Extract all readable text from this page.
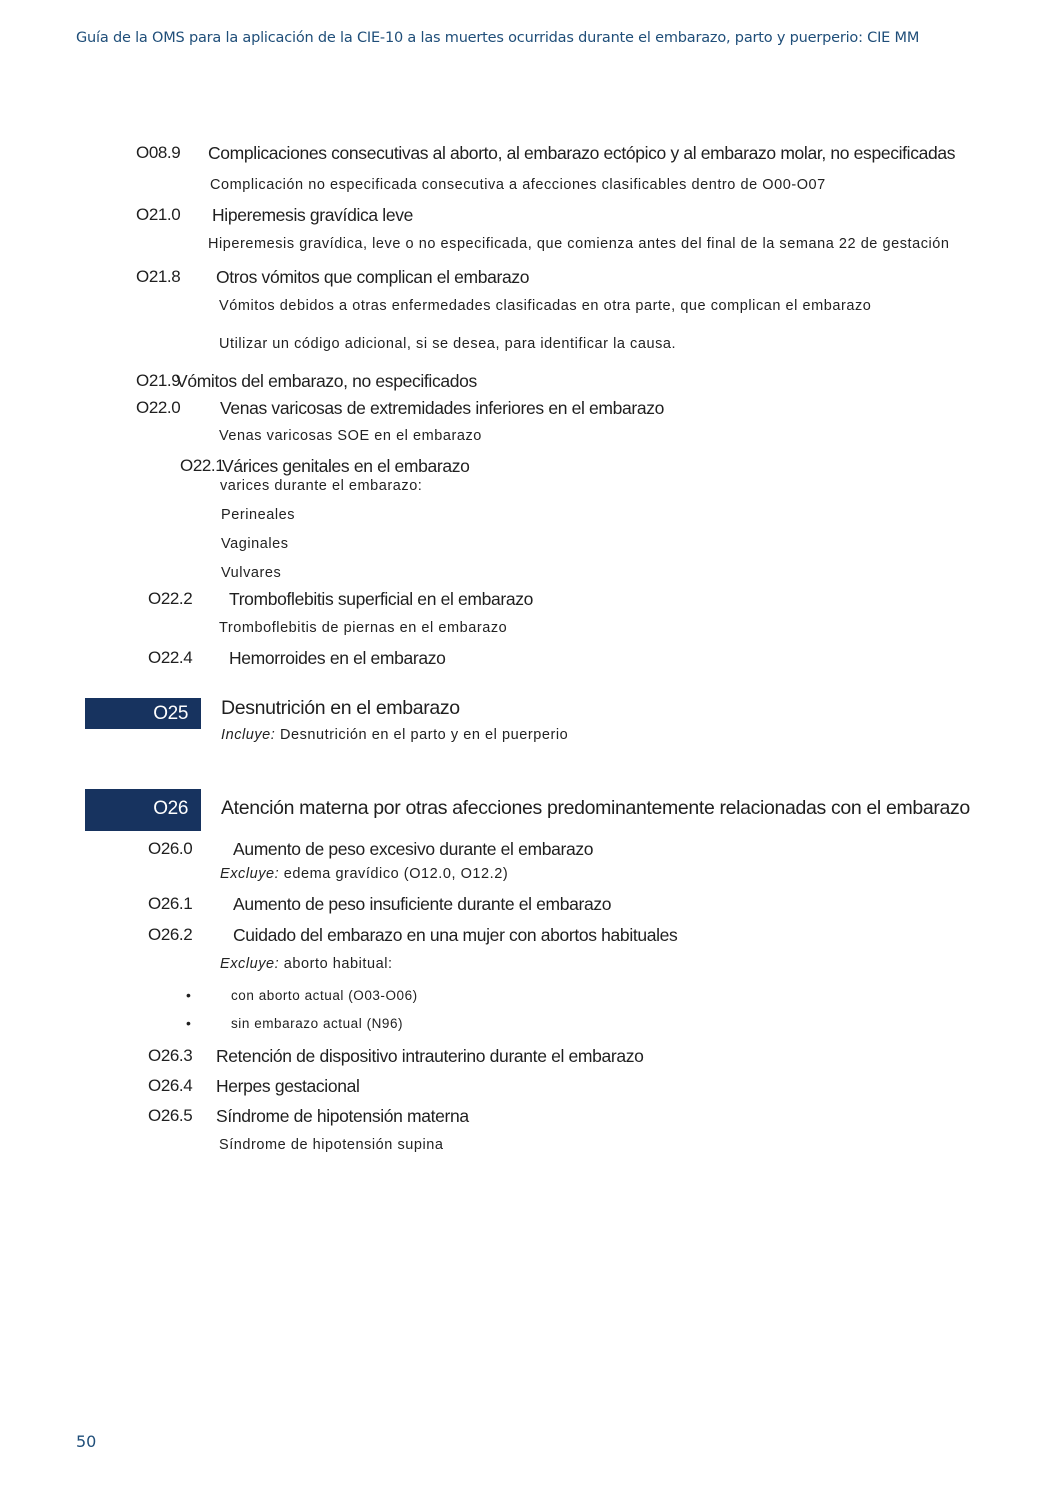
Guía de la OMS para la aplicación de la CIE-10 a las muertes ocurridas durante el embarazo, parto y puerperio: CIE MM
O08.9 Complicaciones consecutivas al aborto, al embarazo ectópico y al embarazo molar, no especificadas
Complicación no especificada consecutiva a afecciones clasificables dentro de O00-O07
O21.0 Hiperemesis gravídica leve
Hiperemesis gravídica, leve o no especificada, que comienza antes del final de la semana 22 de gestación
O21.8 Otros vómitos que complican el embarazo
Vómitos debidos a otras enfermedades clasificadas en otra parte, que complican el embarazo
Utilizar un código adicional, si se desea, para identificar la causa.
O21.9
Vómitos del embarazo, no especificados
O22.0 Venas varicosas de extremidades inferiores en el embarazo
Venas varicosas SOE en el embarazo
O22.1
Várices genitales en el embarazo
varices durante el embarazo:
Perineales
Vaginales
Vulvares
O22.2 Tromboflebitis superficial en el embarazo
Tromboflebitis de piernas en el embarazo
O22.4 Hemorroides en el embarazo
O25 Desnutrición en el embarazo
Incluye: Desnutrición en el parto y en el puerperio
O26 Atención materna por otras afecciones predominantemente relacionadas con el embarazo
O26.0 Aumento de peso excesivo durante el embarazo
Excluye: edema gravídico (O12.0, O12.2)
O26.1 Aumento de peso insuficiente durante el embarazo
O26.2 Cuidado del embarazo en una mujer con abortos habituales
Excluye: aborto habitual:
•	con aborto actual (O03-O06)
•	sin embarazo actual (N96)
O26.3 Retención de dispositivo intrauterino durante el embarazo
O26.4 Herpes gestacional
O26.5 Síndrome de hipotensión materna
Síndrome de hipotensión supina
50
